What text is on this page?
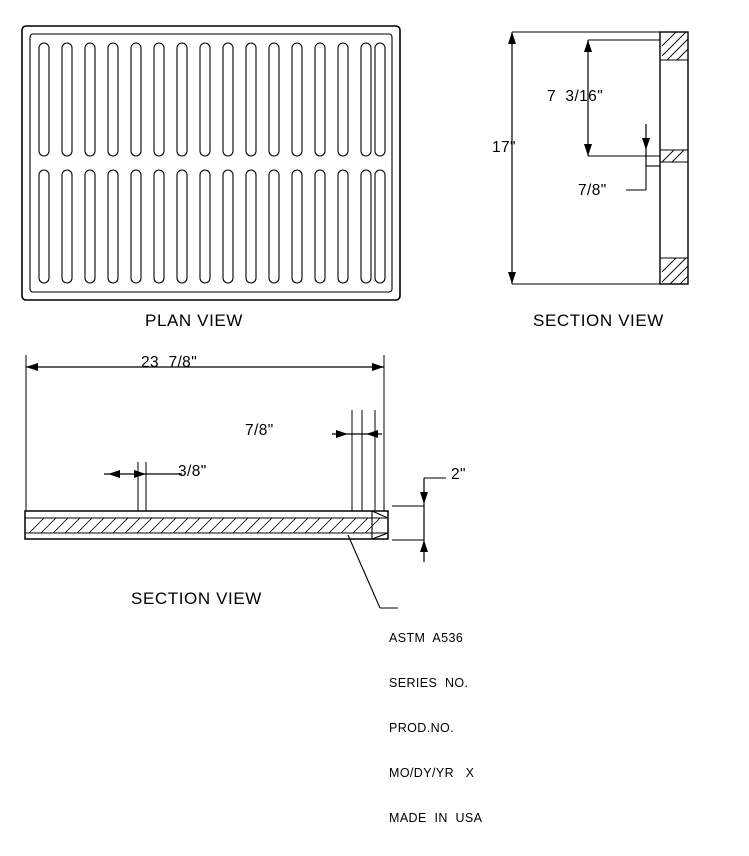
PLAN VIEW	SECTION VIEW
SECTION VIEW
17"
7  3/16"
7/8"
23  7/8"
7/8"
3/8"	2"

ASTM  A536

SERIES  NO.

PROD.NO.

MO/DY/YR   X

MADE  IN  USA
